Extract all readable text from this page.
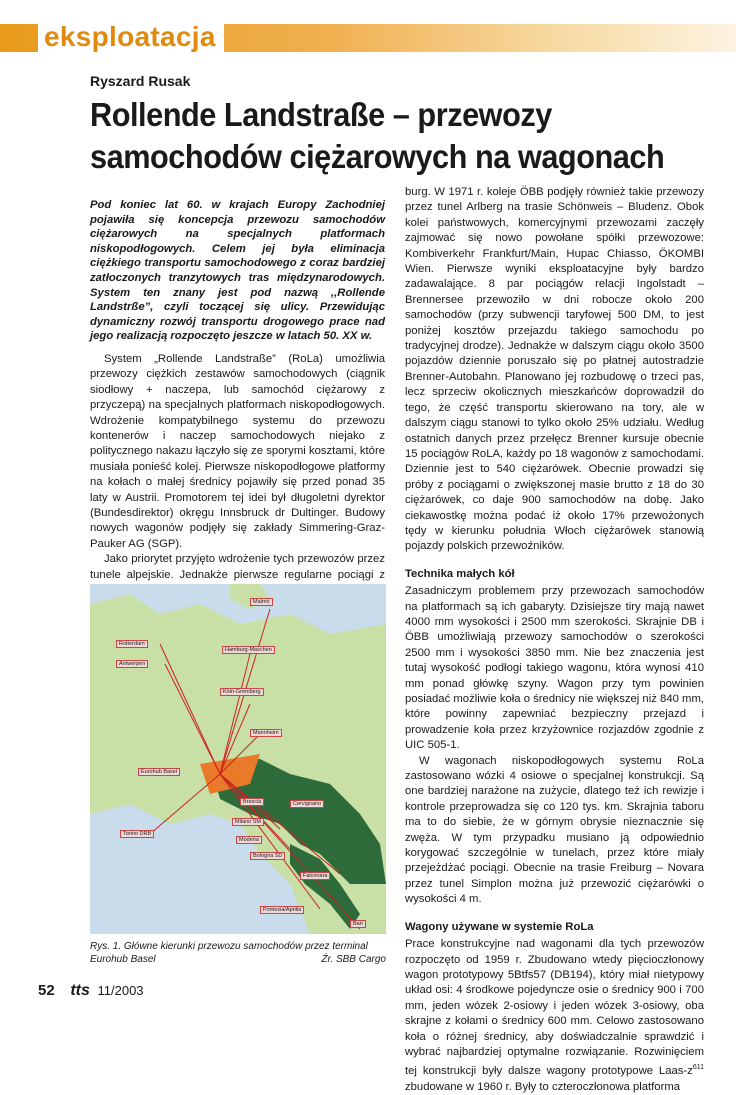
eksploatacja
Ryszard Rusak
Rollende Landstraße – przewozy samochodów ciężarowych na wagonach
Pod koniec lat 60. w krajach Europy Zachodniej pojawiła się koncepcja przewozu samochodów ciężarowych na specjalnych platformach niskopodłogowych. Celem jej była eliminacja ciężkiego transportu samochodowego z coraz bardziej zatłoczonych tranzytowych tras międzynarodowych. System ten znany jest pod nazwą ,,Rollende Landstrße”, czyli toczącej się ulicy. Przewidując dynamiczny rozwój transportu drogowego prace nad jego realizacją rozpoczęto jeszcze w latach 50. XX w.

System „Rollende Landstraße” (RoLa) umożliwia przewozy ciężkich zestawów samochodowych (ciągnik siodłowy + naczepa, lub samochód ciężarowy z przyczepą) na specjalnych platformach niskopodłogowych. Wdrożenie kompatybilnego systemu do przewozu kontenerów i naczep samochodowych niejako z politycznego nakazu łączyło się ze sporymi kosztami, które musiała ponieść kolej. Pierwsze niskopodłogowe platformy na kołach o małej średnicy pojawiły się przed ponad 35 laty w Austrii. Promotorem tej idei był długoletni dyrektor (Bundesdirektor) okręgu Innsbruck dr Dultinger. Budowy nowych wagonów podjęły się zakłady Simmering-Graz-Pauker AG (SGP).

Jako priorytet przyjęto wdrożenie tych przewozów przez tunele alpejskie. Jednakże pierwsze regularne pociągi z

Malmö
Hamburg-Maschen
Rotterdam
Antwerpen
Köln-Gremberg
Mannheim
Eurohub Basel
Brescia
Milano SM
Cervignano
Torino DRB
Modena
Bologna SD
Falconara
Pomezia/Aprilia
Bari
Rys. 1. Główne kierunki przewozu samochodów przez terminal Eurohub Basel	Źr. SBB Cargo

burg. W 1971 r. koleje ÖBB podjęły również takie przewozy przez tunel Arlberg na trasie Schönweis – Bludenz. Obok kolei państwowych, komercyjnymi przewozami zaczęły zajmować się nowo powołane spółki przewozowe: Kombiverkehr Frankfurt/Main, Hupac Chiasso, ÖKOMBI Wien. Pierwsze wyniki eksploatacyjne były bardzo zadawalające. 8 par pociągów relacji Ingolstadt – Brennersee przewoziło w dni robocze około 200 samochodów (przy subwencji taryfowej 500 DM, to jest poniżej kosztów przejazdu takiego samochodu po tradycyjnej drodze). Jednakże w dalszym ciągu około 3500 pojazdów dziennie poruszało się po płatnej autostradzie Brenner-Autobahn. Planowano jej rozbudowę o trzeci pas, lecz sprzeciw okolicznych mieszkańców doprowadził do tego, że część transportu skierowano na tory, ale w dalszym ciągu stanowi to tylko około 25% udziału. Według ostatnich danych przez przełęcz Brenner kursuje obecnie 15 pociągów RoLA, każdy po 18 wagonów z samochodami. Dziennie jest to 540 ciężarówek. Obecnie prowadzi się próby z pociągami o zwiększonej masie brutto z 18 do 30 ciężarówek, co daje 900 samochodów na dobę. Jako ciekawostkę można podać iż około 17% przewożonych tędy w kierunku południa Włoch ciężarówek stanowią pojazdy polskich przewoźników.

Technika małych kół

Zasadniczym problemem przy przewozach samochodów na platformach są ich gabaryty. Dzisiejsze tiry mają nawet 4000 mm wysokości i 2500 mm szerokości. Skrajnie DB i ÖBB umożliwiają przewozy samochodów o szerokości 2500 mm i wysokości 3850 mm. Nie bez znaczenia jest tutaj wysokość podłogi takiego wagonu, która wynosi 410 mm ponad główkę szyny. Wagon przy tym powinien posiadać możliwie koła o średnicy nie większej niż 840 mm, które powinny zapewniać bezpieczny przejazd i prowadzenie koła przez krzyżownice rozjazdów zgodnie z UIC 505-1.

W wagonach niskopodłogowych systemu RoLa zastosowano wózki 4 osiowe o specjalnej konstrukcji. Są one bardziej narażone na zużycie, dlatego też ich rewizje i kontrole przeprowadza się co 120 tys. km. Skrajnia taboru ma to do siebie, że w górnym obrysie nieznacznie się zwęża. W tym przypadku musiano ją odpowiednio korygować szczególnie w tunelach, przez które miały przejeżdżać pociągi. Obecnie na trasie Freiburg – Novara przez tunel Simplon można już przewozić ciężarówki o wysokości 4 m.

Wagony używane w systemie RoLa

Prace konstrukcyjne nad wagonami dla tych przewozów rozpoczęto od 1959 r. Zbudowano wtedy pięcioczłonowy wagon prototypowy 5Btfs57 (DB194), który miał nietypowy układ osi: 4 środkowe pojedyncze osie o średnicy 900 i 700 mm, jeden wózek 2-osiowy i jeden wózek 3-osiowy, oba skrajne z kołami o średnicy 600 mm. Celowo zastosowano koła o różnej średnicy, aby doświadczalnie sprawdzić i wybrać najbardziej optymalne rozwiązanie. Rozwinięciem tej konstrukcji były dalsze wagony prototypowe Laas-$z^{611}$ zbudowane w 1960 r. Były to czteroczłonowa platforma

52 tts 11/2003
